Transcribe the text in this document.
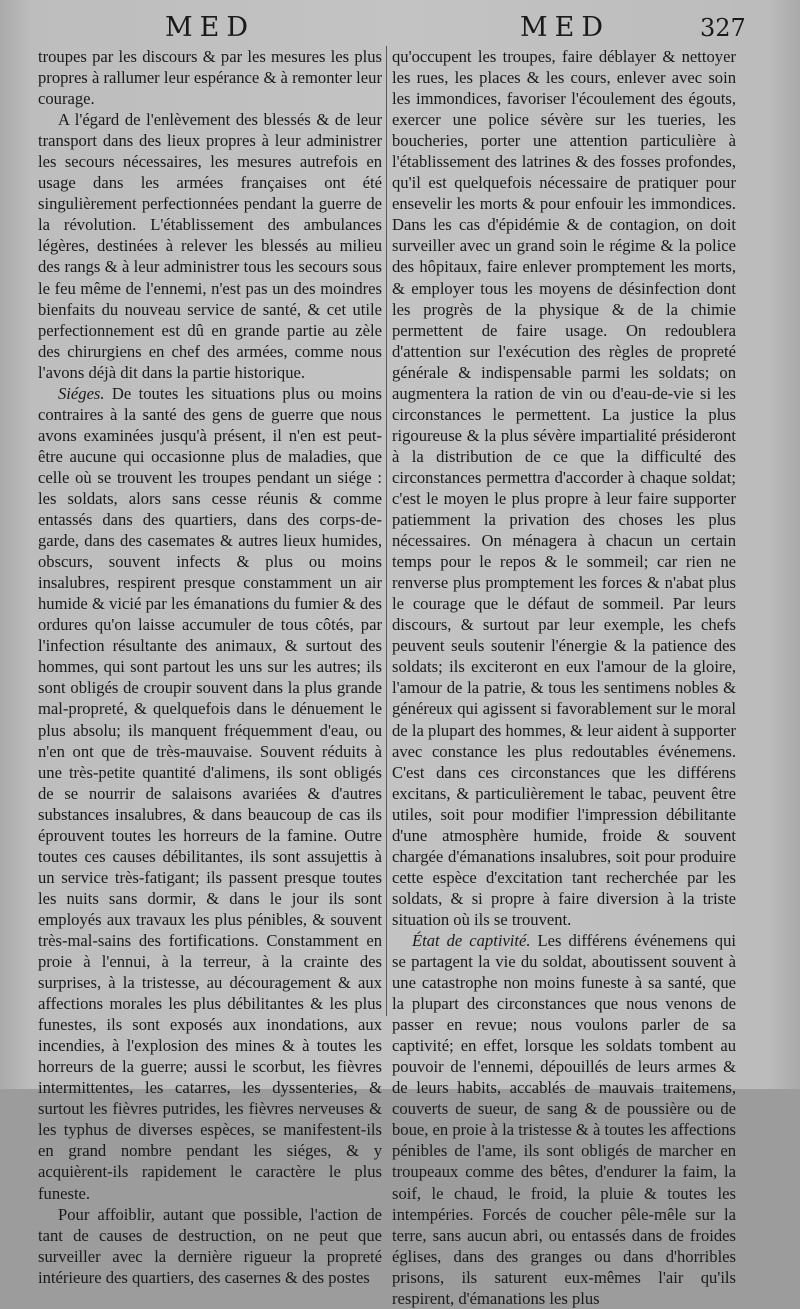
MED	MED	327

troupes par les discours & par les mesures les plus propres à rallumer leur espérance & à remonter leur courage.

A l'égard de l'enlèvement des blessés & de leur transport dans des lieux propres à leur administrer les secours nécessaires, les mesures autrefois en usage dans les armées françaises ont été singulièrement perfectionnées pendant la guerre de la révolution. L'établissement des ambulances légères, destinées à relever les blessés au milieu des rangs & à leur administrer tous les secours sous le feu même de l'ennemi, n'est pas un des moindres bienfaits du nouveau service de santé, & cet utile perfectionnement est dû en grande partie au zèle des chirurgiens en chef des armées, comme nous l'avons déjà dit dans la partie historique.

Siéges. De toutes les situations plus ou moins contraires à la santé des gens de guerre que nous avons examinées jusqu'à présent, il n'en est peut-être aucune qui occasionne plus de maladies, que celle où se trouvent les troupes pendant un siége : les soldats, alors sans cesse réunis & comme entassés dans des quartiers, dans des corps-de-garde, dans des casemates & autres lieux humides, obscurs, souvent infects & plus ou moins insalubres, respirent presque constamment un air humide & vicié par les émanations du fumier & des ordures qu'on laisse accumuler de tous côtés, par l'infection résultante des animaux, & surtout des hommes, qui sont partout les uns sur les autres; ils sont obligés de croupir souvent dans la plus grande mal-propreté, & quelquefois dans le dénuement le plus absolu; ils manquent fréquemment d'eau, ou n'en ont que de très-mauvaise. Souvent réduits à une très-petite quantité d'alimens, ils sont obligés de se nourrir de salaisons avariées & d'autres substances insalubres, & dans beaucoup de cas ils éprouvent toutes les horreurs de la famine. Outre toutes ces causes débilitantes, ils sont assujettis à un service très-fatigant; ils passent presque toutes les nuits sans dormir, & dans le jour ils sont employés aux travaux les plus pénibles, & souvent très-mal-sains des fortifications. Constamment en proie à l'ennui, à la terreur, à la crainte des surprises, à la tristesse, au découragement & aux affections morales les plus débilitantes & les plus funestes, ils sont exposés aux inondations, aux incendies, à l'explosion des mines & à toutes les horreurs de la guerre; aussi le scorbut, les fièvres intermittentes, les catarres, les dyssenteries, & surtout les fièvres putrides, les fièvres nerveuses & les typhus de diverses espèces, se manifestent-ils en grand nombre pendant les siéges, & y acquièrent-ils rapidement le caractère le plus funeste.

Pour affoiblir, autant que possible, l'action de tant de causes de destruction, on ne peut que surveiller avec la dernière rigueur la propreté intérieure des quartiers, des casernes & des postes

qu'occupent les troupes, faire déblayer & nettoyer les rues, les places & les cours, enlever avec soin les immondices, favoriser l'écoulement des égouts, exercer une police sévère sur les tueries, les boucheries, porter une attention particulière à l'établissement des latrines & des fosses profondes, qu'il est quelquefois nécessaire de pratiquer pour ensevelir les morts & pour enfouir les immondices. Dans les cas d'épidémie & de contagion, on doit surveiller avec un grand soin le régime & la police des hôpitaux, faire enlever promptement les morts, & employer tous les moyens de désinfection dont les progrès de la physique & de la chimie permettent de faire usage. On redoublera d'attention sur l'exécution des règles de propreté générale & indispensable parmi les soldats; on augmentera la ration de vin ou d'eau-de-vie si les circonstances le permettent. La justice la plus rigoureuse & la plus sévère impartialité présideront à la distribution de ce que la difficulté des circonstances permettra d'accorder à chaque soldat; c'est le moyen le plus propre à leur faire supporter patiemment la privation des choses les plus nécessaires. On ménagera à chacun un certain temps pour le repos & le sommeil; car rien ne renverse plus promptement les forces & n'abat plus le courage que le défaut de sommeil. Par leurs discours, & surtout par leur exemple, les chefs peuvent seuls soutenir l'énergie & la patience des soldats; ils exciteront en eux l'amour de la gloire, l'amour de la patrie, & tous les sentimens nobles & généreux qui agissent si favorablement sur le moral de la plupart des hommes, & leur aident à supporter avec constance les plus redoutables événemens. C'est dans ces circonstances que les différens excitans, & particulièrement le tabac, peuvent être utiles, soit pour modifier l'impression débilitante d'une atmosphère humide, froide & souvent chargée d'émanations insalubres, soit pour produire cette espèce d'excitation tant recherchée par les soldats, & si propre à faire diversion à la triste situation où ils se trouvent.

État de captivité. Les différens événemens qui se partagent la vie du soldat, aboutissent souvent à une catastrophe non moins funeste à sa santé, que la plupart des circonstances que nous venons de passer en revue; nous voulons parler de sa captivité; en effet, lorsque les soldats tombent au pouvoir de l'ennemi, dépouillés de leurs armes & de leurs habits, accablés de mauvais traitemens, couverts de sueur, de sang & de poussière ou de boue, en proie à la tristesse & à toutes les affections pénibles de l'ame, ils sont obligés de marcher en troupeaux comme des bêtes, d'endurer la faim, la soif, le chaud, le froid, la pluie & toutes les intempéries. Forcés de coucher pêle-mêle sur la terre, sans aucun abri, ou entassés dans de froides églises, dans des granges ou dans d'horribles prisons, ils saturent eux-mêmes l'air qu'ils respirent, d'émanations les plus
